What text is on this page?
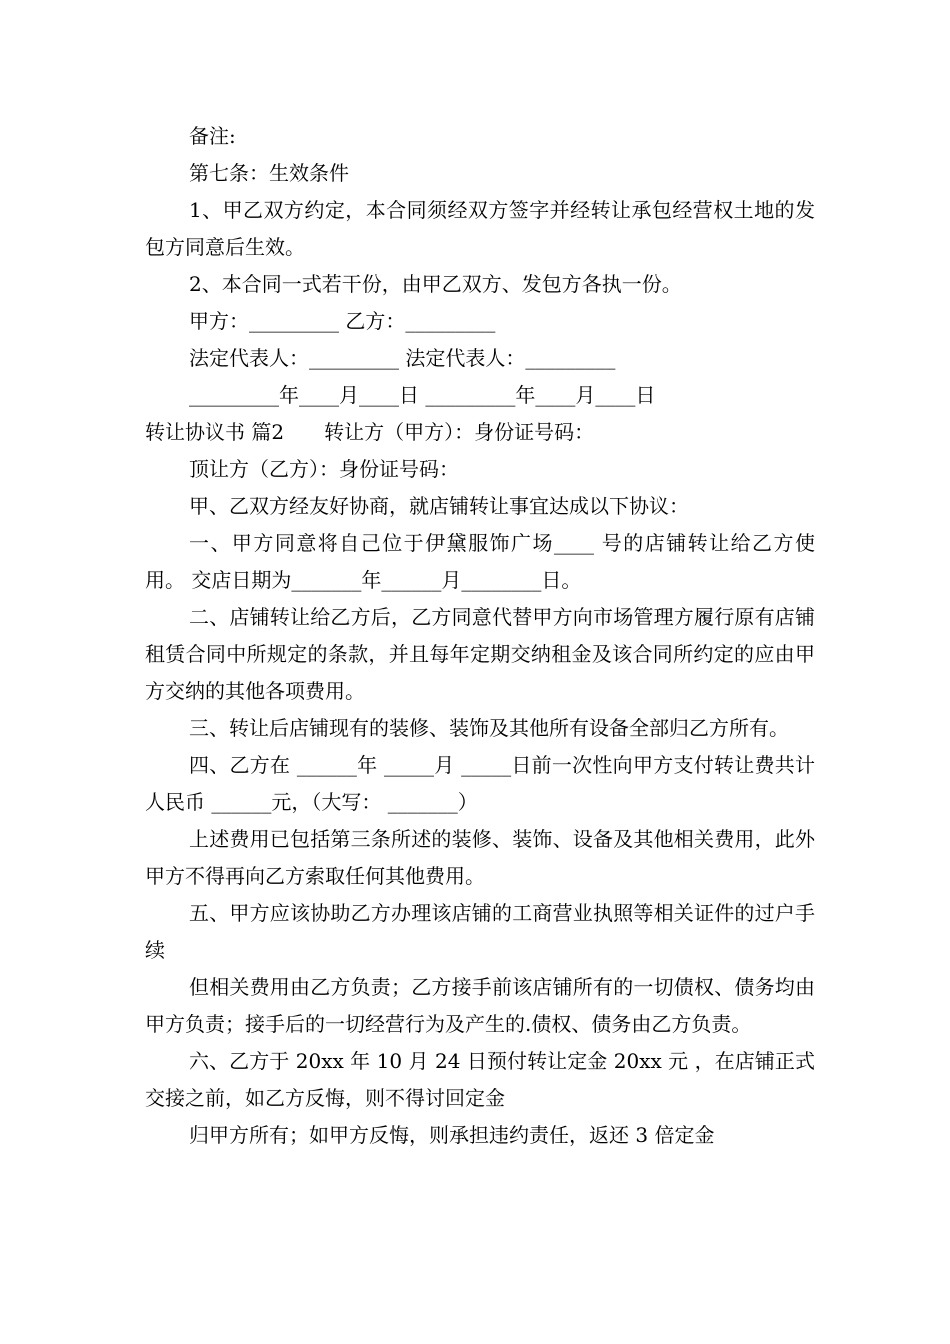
备注:

第七条：生效条件

1、甲乙双方约定，本合同须经双方签字并经转让承包经营权土地的发包方同意后生效。

2、本合同一式若干份，由甲乙双方、发包方各执一份。

甲方：_________ 乙方：_________

法定代表人：_________ 法定代表人：_________

_________年____月____日 _________年____月____日

转让协议书 篇2　　转让方（甲方）：身份证号码：

顶让方（乙方）：身份证号码：

甲、乙双方经友好协商，就店铺转让事宜达成以下协议：

一、甲方同意将自己位于伊黛服饰广场____ 号的店铺转让给乙方使用。 交店日期为_______年______月________日。

二、店铺转让给乙方后，乙方同意代替甲方向市场管理方履行原有店铺租赁合同中所规定的条款，并且每年定期交纳租金及该合同所约定的应由甲方交纳的其他各项费用。

三、转让后店铺现有的装修、装饰及其他所有设备全部归乙方所有。

四、乙方在 ______年 _____月 _____日前一次性向甲方支付转让费共计人民币 ______元，（大写： _______）

上述费用已包括第三条所述的装修、装饰、设备及其他相关费用，此外甲方不得再向乙方索取任何其他费用。

五、甲方应该协助乙方办理该店铺的工商营业执照等相关证件的过户手续

但相关费用由乙方负责；乙方接手前该店铺所有的一切债权、债务均由甲方负责；接手后的一切经营行为及产生的.债权、债务由乙方负责。

六、乙方于 20xx 年 10 月 24 日预付转让定金 20xx 元 ，在店铺正式交接之前，如乙方反悔，则不得讨回定金

归甲方所有；如甲方反悔，则承担违约责任，返还 3 倍定金
